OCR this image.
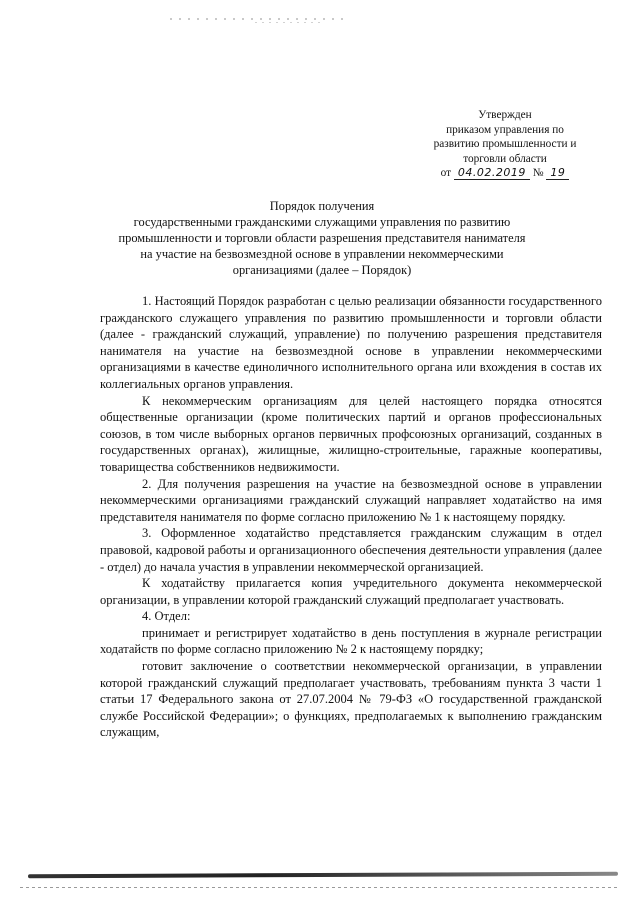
Утвержден
приказом управления по
развитию промышленности и
торговли области
от 04.02.2019 № 19
Порядок получения
государственными гражданскими служащими управления по развитию
промышленности и торговли области разрешения представителя нанимателя
на участие на безвозмездной основе в управлении некоммерческими
организациями (далее – Порядок)

1. Настоящий Порядок разработан с целью реализации обязанности государственного гражданского служащего управления по развитию промышленности и торговли области (далее - гражданский служащий, управление) по получению разрешения представителя нанимателя на участие на безвозмездной основе в управлении некоммерческими организациями в качестве единоличного исполнительного органа или вхождения в состав их коллегиальных органов управления.

К некоммерческим организациям для целей настоящего порядка относятся общественные организации (кроме политических партий и органов профессиональных союзов, в том числе выборных органов первичных профсоюзных организаций, созданных в государственных органах), жилищные, жилищно-строительные, гаражные кооперативы, товарищества собственников недвижимости.

2. Для получения разрешения на участие на безвозмездной основе в управлении некоммерческими организациями гражданский служащий направляет ходатайство на имя представителя нанимателя по форме согласно приложению № 1 к настоящему порядку.

3. Оформленное ходатайство представляется гражданским служащим в отдел правовой, кадровой работы и организационного обеспечения деятельности управления (далее - отдел) до начала участия в управлении некоммерческой организацией.

К ходатайству прилагается копия учредительного документа некоммерческой организации, в управлении которой гражданский служащий предполагает участвовать.

4. Отдел:

принимает и регистрирует ходатайство в день поступления в журнале регистрации ходатайств по форме согласно приложению № 2 к настоящему порядку;

готовит заключение о соответствии некоммерческой организации, в управлении которой гражданский служащий предполагает участвовать, требованиям пункта 3 части 1 статьи 17 Федерального закона от 27.07.2004 № 79-ФЗ «О государственной гражданской службе Российской Федерации»; о функциях, предполагаемых к выполнению гражданским служащим,
